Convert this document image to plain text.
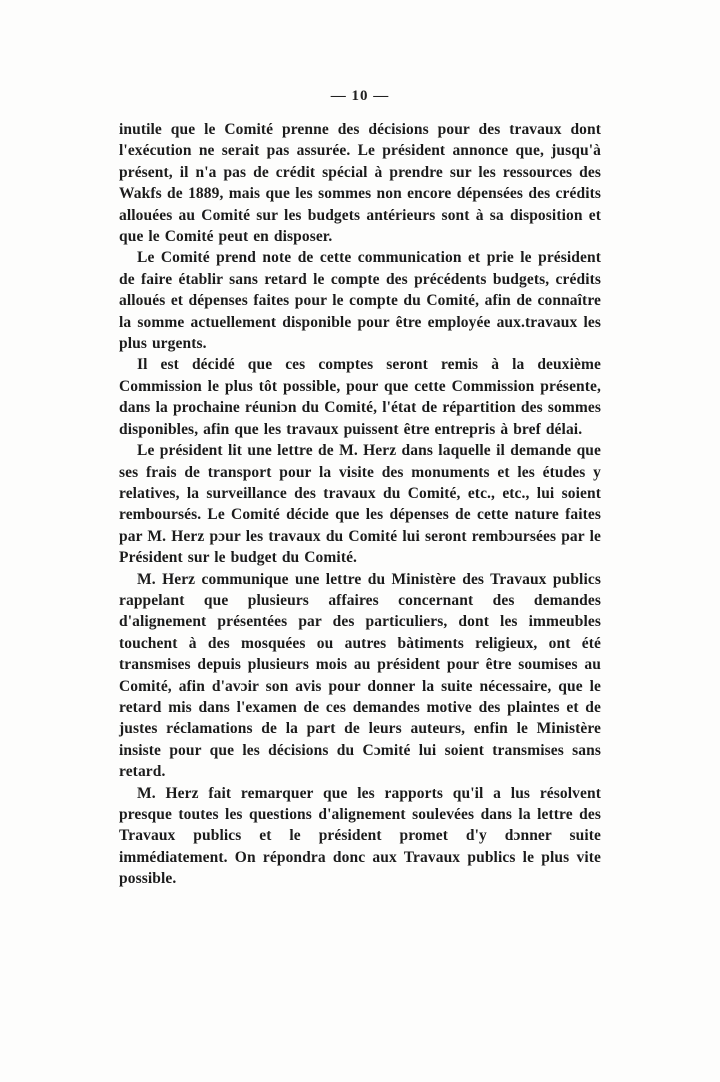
— 10 —

inutile que le Comité prenne des décisions pour des travaux dont l'exécution ne serait pas assurée. Le président annonce que, jusqu'à présent, il n'a pas de crédit spécial à prendre sur les ressources des Wakfs de 1889, mais que les sommes non encore dépensées des crédits allouées au Comité sur les budgets antérieurs sont à sa disposition et que le Comité peut en disposer.

Le Comité prend note de cette communication et prie le président de faire établir sans retard le compte des précédents budgets, crédits alloués et dépenses faites pour le compte du Comité, afin de connaître la somme actuellement disponible pour être employée aux.travaux les plus urgents.

Il est décidé que ces comptes seront remis à la deuxième Commission le plus tôt possible, pour que cette Commission présente, dans la prochaine réuniɔn du Comité, l'état de répartition des sommes disponibles, afin que les travaux puissent être entrepris à bref délai.

Le président lit une lettre de M. Herz dans laquelle il demande que ses frais de transport pour la visite des monuments et les études y relatives, la surveillance des travaux du Comité, etc., etc., lui soient remboursés. Le Comité décide que les dépenses de cette nature faites par M. Herz pɔur les travaux du Comité lui seront rembɔursées par le Président sur le budget du Comité.

M. Herz communique une lettre du Ministère des Travaux publics rappelant que plusieurs affaires concernant des demandes d'alignement présentées par des particuliers, dont les immeubles touchent à des mosquées ou autres bàtiments religieux, ont été transmises depuis plusieurs mois au président pour être soumises au Comité, afin d'avɔir son avis pour donner la suite nécessaire, que le retard mis dans l'examen de ces demandes motive des plaintes et de justes réclamations de la part de leurs auteurs, enfin le Ministère insiste pour que les décisions du Cɔmité lui soient transmises sans retard.

M. Herz fait remarquer que les rapports qu'il a lus résolvent presque toutes les questions d'alignement soulevées dans la lettre des Travaux publics et le président promet d'y dɔnner suite immédiatement. On répondra donc aux Travaux publics le plus vite possible.
